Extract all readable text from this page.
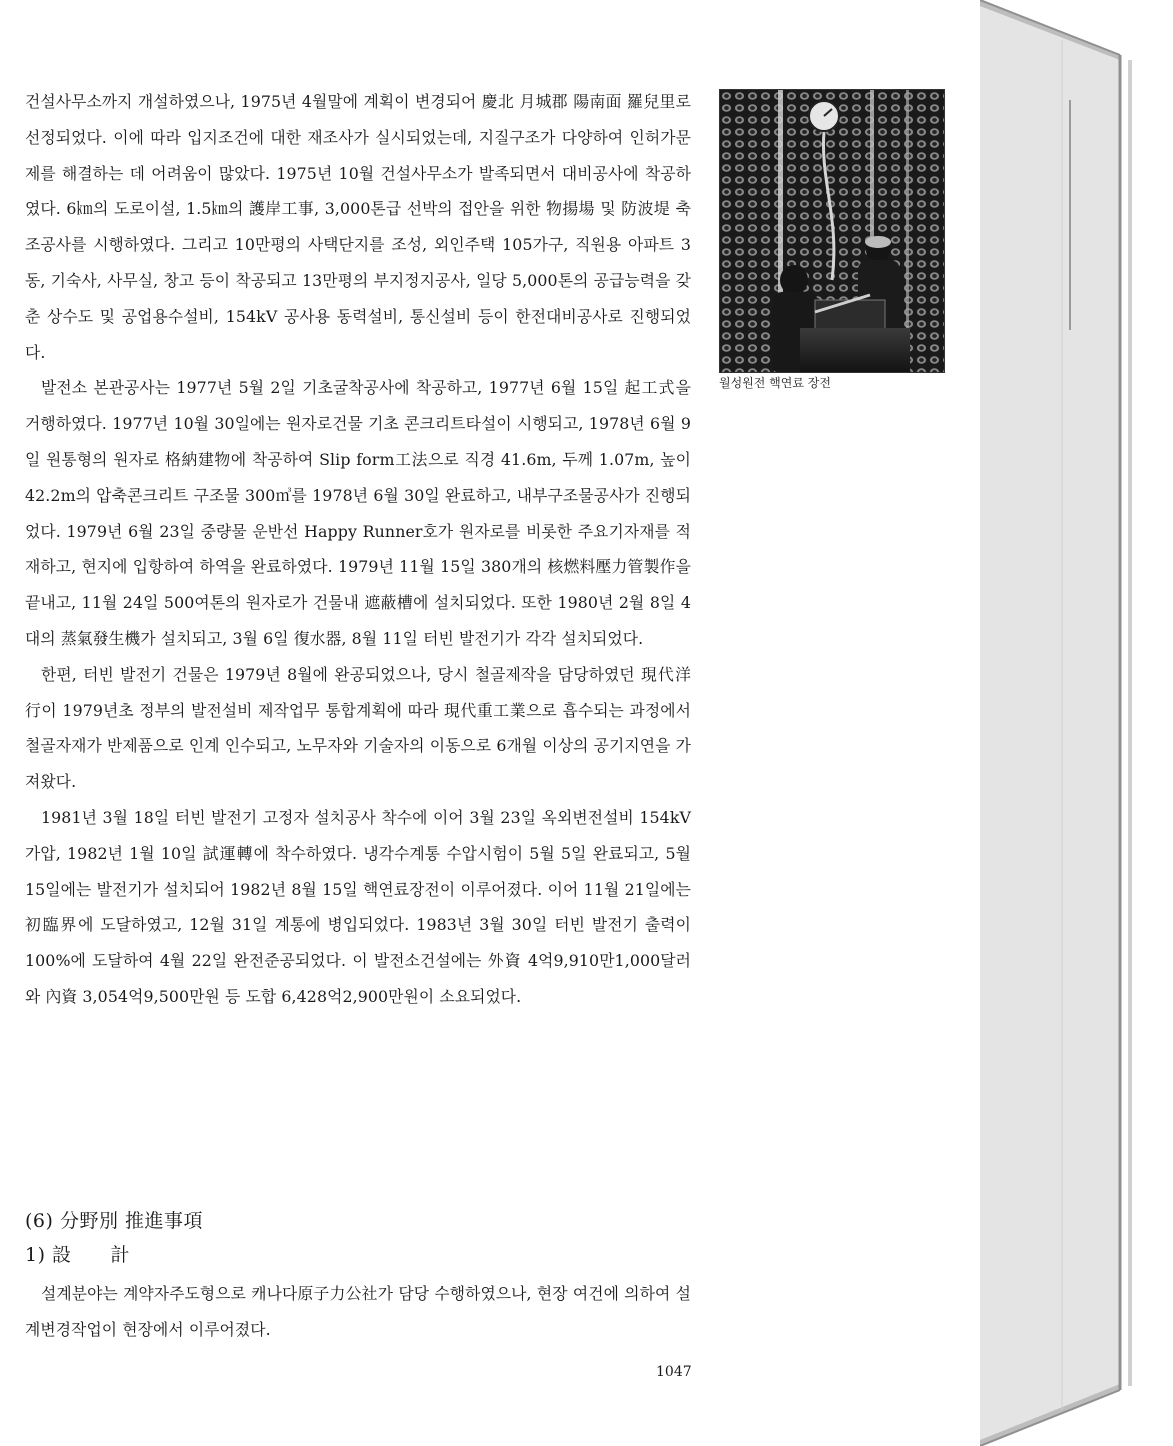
건설사무소까지 개설하였으나, 1975년 4월말에 계획이 변경되어 慶北 月城郡 陽南面 羅兒里로 선정되었다. 이에 따라 입지조건에 대한 재조사가 실시되었는데, 지질구조가 다양하여 인허가문제를 해결하는 데 어려움이 많았다. 1975년 10월 건설사무소가 발족되면서 대비공사에 착공하였다. 6㎞의 도로이설, 1.5㎞의 護岸工事, 3,000톤급 선박의 접안을 위한 物揚場 및 防波堤 축조공사를 시행하였다. 그리고 10만평의 사택단지를 조성, 외인주택 105가구, 직원용 아파트 3동, 기숙사, 사무실, 창고 등이 착공되고 13만평의 부지정지공사, 일당 5,000톤의 공급능력을 갖춘 상수도 및 공업용수설비, 154kV 공사용 동력설비, 통신설비 등이 한전대비공사로 진행되었다.

발전소 본관공사는 1977년 5월 2일 기초굴착공사에 착공하고, 1977년 6월 15일 起工式을 거행하였다. 1977년 10월 30일에는 원자로건물 기초 콘크리트타설이 시행되고, 1978년 6월 9일 원통형의 원자로 格納建物에 착공하여 Slip form工法으로 직경 41.6m, 두께 1.07m, 높이 42.2m의 압축콘크리트 구조물 300㎥를 1978년 6월 30일 완료하고, 내부구조물공사가 진행되었다. 1979년 6월 23일 중량물 운반선 Happy Runner호가 원자로를 비롯한 주요기자재를 적재하고, 현지에 입항하여 하역을 완료하였다. 1979년 11월 15일 380개의 核燃料壓力管製作을 끝내고, 11월 24일 500여톤의 원자로가 건물내 遮蔽槽에 설치되었다. 또한 1980년 2월 8일 4대의 蒸氣發生機가 설치되고, 3월 6일 復水器, 8월 11일 터빈 발전기가 각각 설치되었다.

한편, 터빈 발전기 건물은 1979년 8월에 완공되었으나, 당시 철골제작을 담당하였던 現代洋行이 1979년초 정부의 발전설비 제작업무 통합계획에 따라 現代重工業으로 흡수되는 과정에서 철골자재가 반제품으로 인계 인수되고, 노무자와 기술자의 이동으로 6개월 이상의 공기지연을 가져왔다.

1981년 3월 18일 터빈 발전기 고정자 설치공사 착수에 이어 3월 23일 옥외변전설비 154kV가압, 1982년 1월 10일 試運轉에 착수하였다. 냉각수계통 수압시험이 5월 5일 완료되고, 5월 15일에는 발전기가 설치되어 1982년 8월 15일 핵연료장전이 이루어졌다. 이어 11월 21일에는 初臨界에 도달하였고, 12월 31일 계통에 병입되었다. 1983년 3월 30일 터빈 발전기 출력이 100%에 도달하여 4월 22일 완전준공되었다. 이 발전소건설에는 外資 4억9,910만1,000달러와 內資 3,054억9,500만원 등 도합 6,428억2,900만원이 소요되었다.

(6) 分野別 推進事項

1) 設　　計

설계분야는 계약자주도형으로 캐나다原子力公社가 담당 수행하였으나, 현장 여건에 의하여 설계변경작업이 현장에서 이루어졌다.

월성원전 핵연료 장전

1047
